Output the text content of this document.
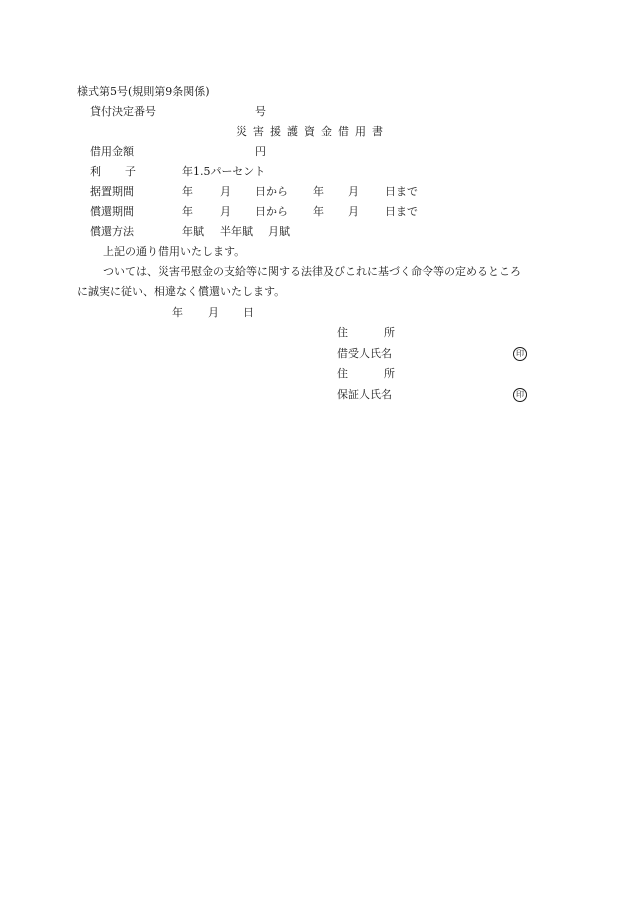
様式第5号(規則第9条関係)
貸付決定番号	号
災 害 援 護 資 金 借 用 書
借用金額	円
利 子	年1.5パーセント
据置期間	年 月 日から 年 月 日まで
償還期間	年 月 日から 年 月 日まで
償還方法	年賦 半年賦 月賦
上記の通り借用いたします。
ついては、災害弔慰金の支給等に関する法律及びこれに基づく命令等の定めるところ
に誠実に従い、相違なく償還いたします。
年 月 日
住	所
借受人氏名	印
住	所
保証人氏名	印
